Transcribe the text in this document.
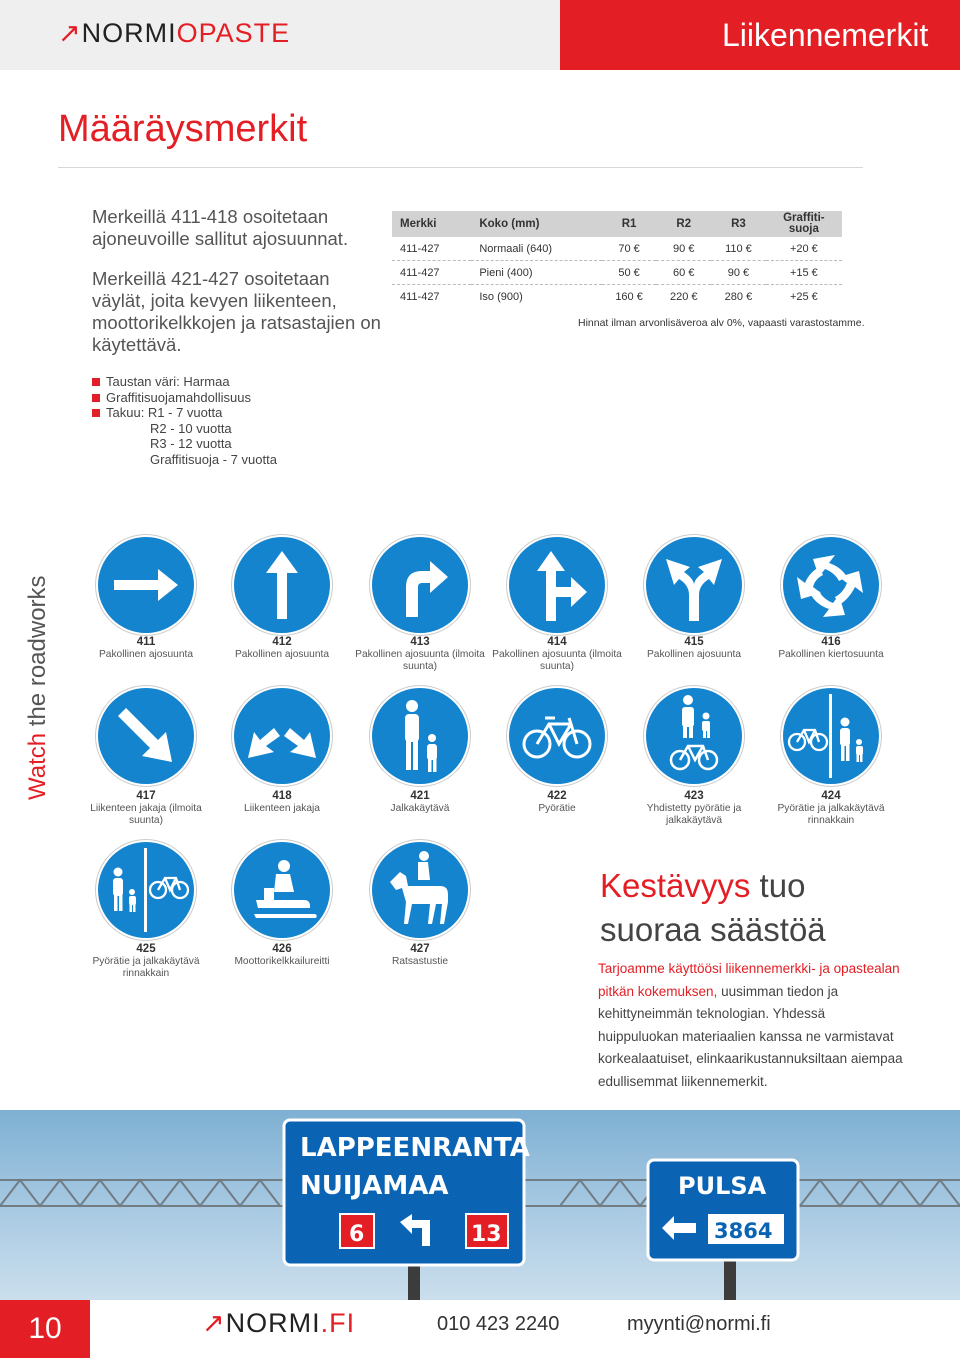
↗NORMIOPASTE	Liikennemerkit
Määräysmerkit
Merkeillä 411-418 osoitetaan ajoneuvoille sallitut ajosuunnat.
Merkeillä 421-427 osoitetaan väylät, joita kevyen liikenteen, moottorikelkkojen ja ratsastajien on käytettävä.
Merkki	Koko (mm)	R1	R2	R3	Graffiti-
suoja
411-427	Normaali (640)	70 €	90 €	110 €	+20 €
411-427	Pieni (400)	50 €	60 €	90 €	+15 €
411-427	Iso (900)	160 €	220 €	280 €	+25 €
Hinnat ilman arvonlisäveroa alv 0%, vapaasti varastostamme.
Taustan väri: Harmaa
Graffitisuojamahdollisuus
Takuu: R1 - 7 vuotta
R2 - 10 vuotta
R3 - 12 vuotta
Graffitisuoja - 7 vuotta
Watch the roadworks	411
Pakollinen ajosuunta
412
Pakollinen ajosuunta
413
Pakollinen ajosuunta (ilmoita suunta)
414
Pakollinen ajosuunta (ilmoita suunta)
415
Pakollinen ajosuunta
416
Pakollinen kiertosuunta
417
Liikenteen jakaja (ilmoita suunta)
418
Liikenteen jakaja
421
Jalkakäytävä
422
Pyörätie
423
Yhdistetty pyörätie ja jalkakäytävä
424
Pyörätie ja jalkakäytävä rinnakkain
425
Pyörätie ja jalkakäytävä rinnakkain
426
Moottorikelkkailureitti
427
Ratsastustie
Kestävyys tuo
suoraa säästöä
Tarjoamme käyttöösi liikennemerkki- ja opastealan pitkän kokemuksen, uusimman tiedon ja kehittyneimmän teknologian. Yhdessä huippuluokan materiaalien kanssa ne varmistavat korkealaatuiset, elinkaarikustannuksiltaan aiempaa edullisemmat liikennemerkit.
LAPPEENRANTA
NUIJAMAA
6	13
PULSA
3864
10	↗NORMI.FI	010 423 2240	myynti@normi.fi
